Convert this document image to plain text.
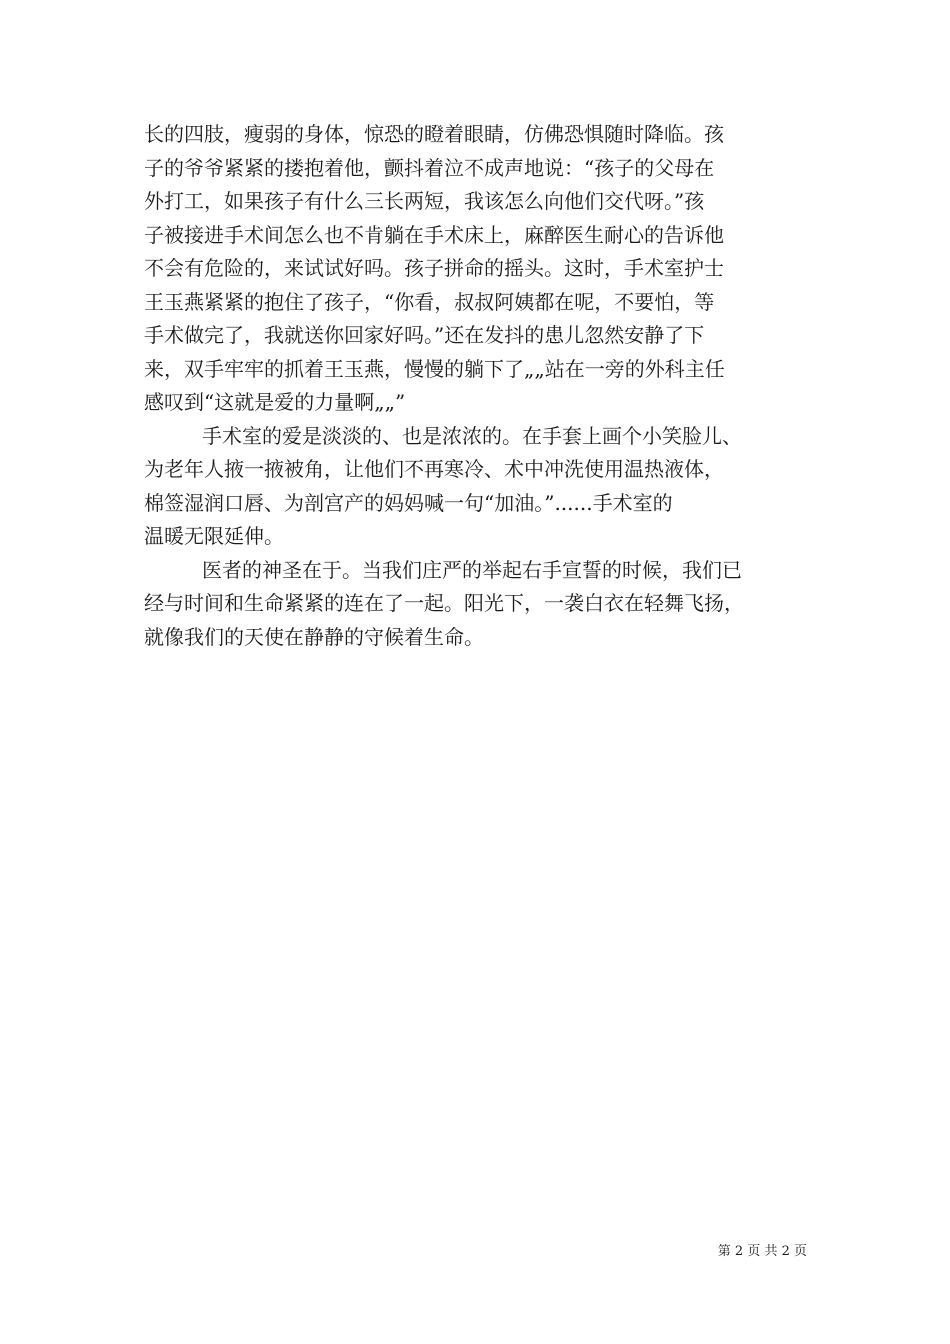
长的四肢，瘦弱的身体，惊恐的瞪着眼睛，仿佛恐惧随时降临。孩
子的爷爷紧紧的搂抱着他，颤抖着泣不成声地说：“孩子的父母在
外打工，如果孩子有什么三长两短，我该怎么向他们交代呀。”孩
子被接进手术间怎么也不肯躺在手术床上，麻醉医生耐心的告诉他
不会有危险的，来试试好吗。孩子拼命的摇头。这时，手术室护士
王玉燕紧紧的抱住了孩子，“你看，叔叔阿姨都在呢，不要怕，等
手术做完了，我就送你回家好吗。”还在发抖的患儿忽然安静了下
来，双手牢牢的抓着王玉燕，慢慢的躺下了„„站在一旁的外科主任
感叹到“这就是爱的力量啊„„”
手术室的爱是淡淡的、也是浓浓的。在手套上画个小笑脸儿、
为老年人掖一掖被角，让他们不再寒冷、术中冲洗使用温热液体，
棉签湿润口唇、为剖宫产的妈妈喊一句“加油。”......手术室的
温暖无限延伸。
医者的神圣在于。当我们庄严的举起右手宣誓的时候，我们已
经与时间和生命紧紧的连在了一起。阳光下，一袭白衣在轻舞飞扬，
就像我们的天使在静静的守候着生命。
第 2 页 共 2 页
